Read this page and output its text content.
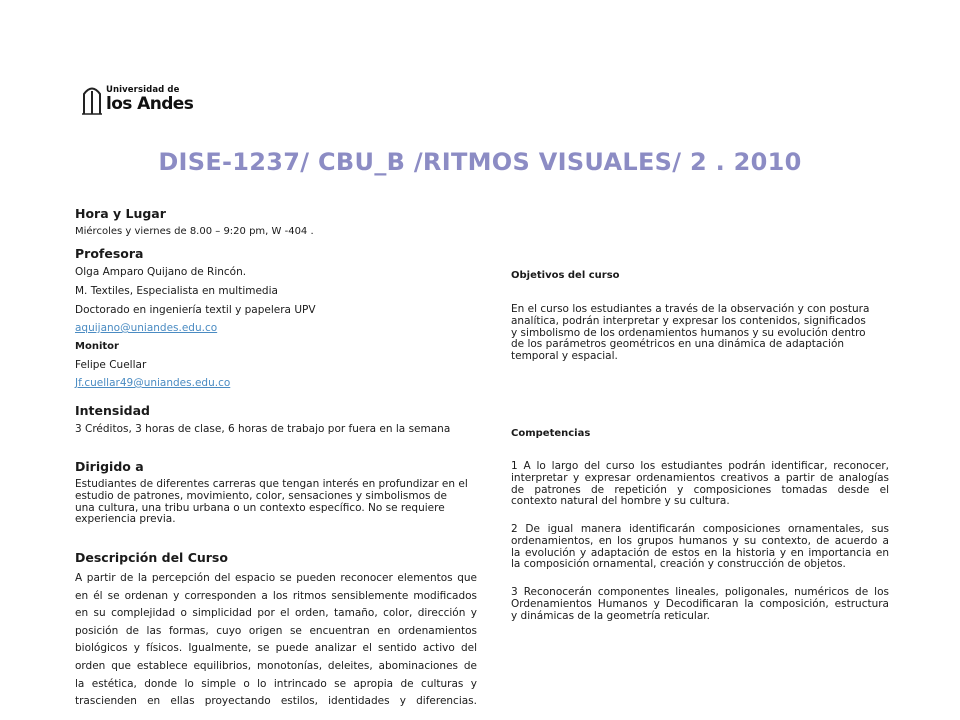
Universidad de
los Andes
DISE-1237/ CBU_B /RITMOS VISUALES/ 2 . 2010
Hora y Lugar
Miércoles y viernes de 8.00 – 9:20 pm, W -404 .
Profesora
Olga Amparo Quijano de Rincón.
M. Textiles, Especialista en multimedia
Doctorado en ingeniería textil y papelera UPV
aquijano@uniandes.edu.co
Monitor
Felipe Cuellar
Jf.cuellar49@uniandes.edu.co
Intensidad
3 Créditos, 3 horas de clase, 6 horas de trabajo por fuera en la semana
Dirigido a
Estudiantes de diferentes carreras que tengan interés en profundizar en el
estudio de patrones, movimiento, color, sensaciones y simbolismos de
una cultura, una tribu urbana o un contexto específico. No se requiere
experiencia previa.
Descripción del Curso
A partir de la percepción del espacio se pueden reconocer elementos que
en él se ordenan y corresponden a los ritmos sensiblemente modificados
en su complejidad o simplicidad por el orden, tamaño, color, dirección y
posición de las formas, cuyo origen se encuentran en ordenamientos
biológicos y físicos. Igualmente, se puede analizar el sentido activo del
orden que establece equilibrios, monotonías, deleites, abominaciones de
la estética, donde lo simple o lo intrincado se apropia de culturas y
trascienden en ellas proyectando estilos, identidades y diferencias.
Objetivos del curso
En el curso los estudiantes a través de la observación y con postura
analítica, podrán interpretar y expresar los contenidos, significados
y simbolismo de los ordenamientos humanos y su evolución dentro
de los parámetros geométricos en una dinámica de adaptación
temporal y espacial.
Competencias
1 A lo largo del curso los estudiantes podrán identificar, reconocer,
interpretar y expresar ordenamientos creativos a partir de analogías
de patrones de repetición y composiciones tomadas desde el
contexto natural del hombre y su cultura.
2 De igual manera identificarán composiciones ornamentales, sus
ordenamientos, en los grupos humanos y su contexto, de acuerdo a
la evolución y adaptación de estos en la historia y en importancia en
la composición ornamental, creación y construcción de objetos.
3 Reconocerán componentes lineales, poligonales, numéricos de los
Ordenamientos Humanos y Decodificaran la composición, estructura
y dinámicas de la geometría reticular.
